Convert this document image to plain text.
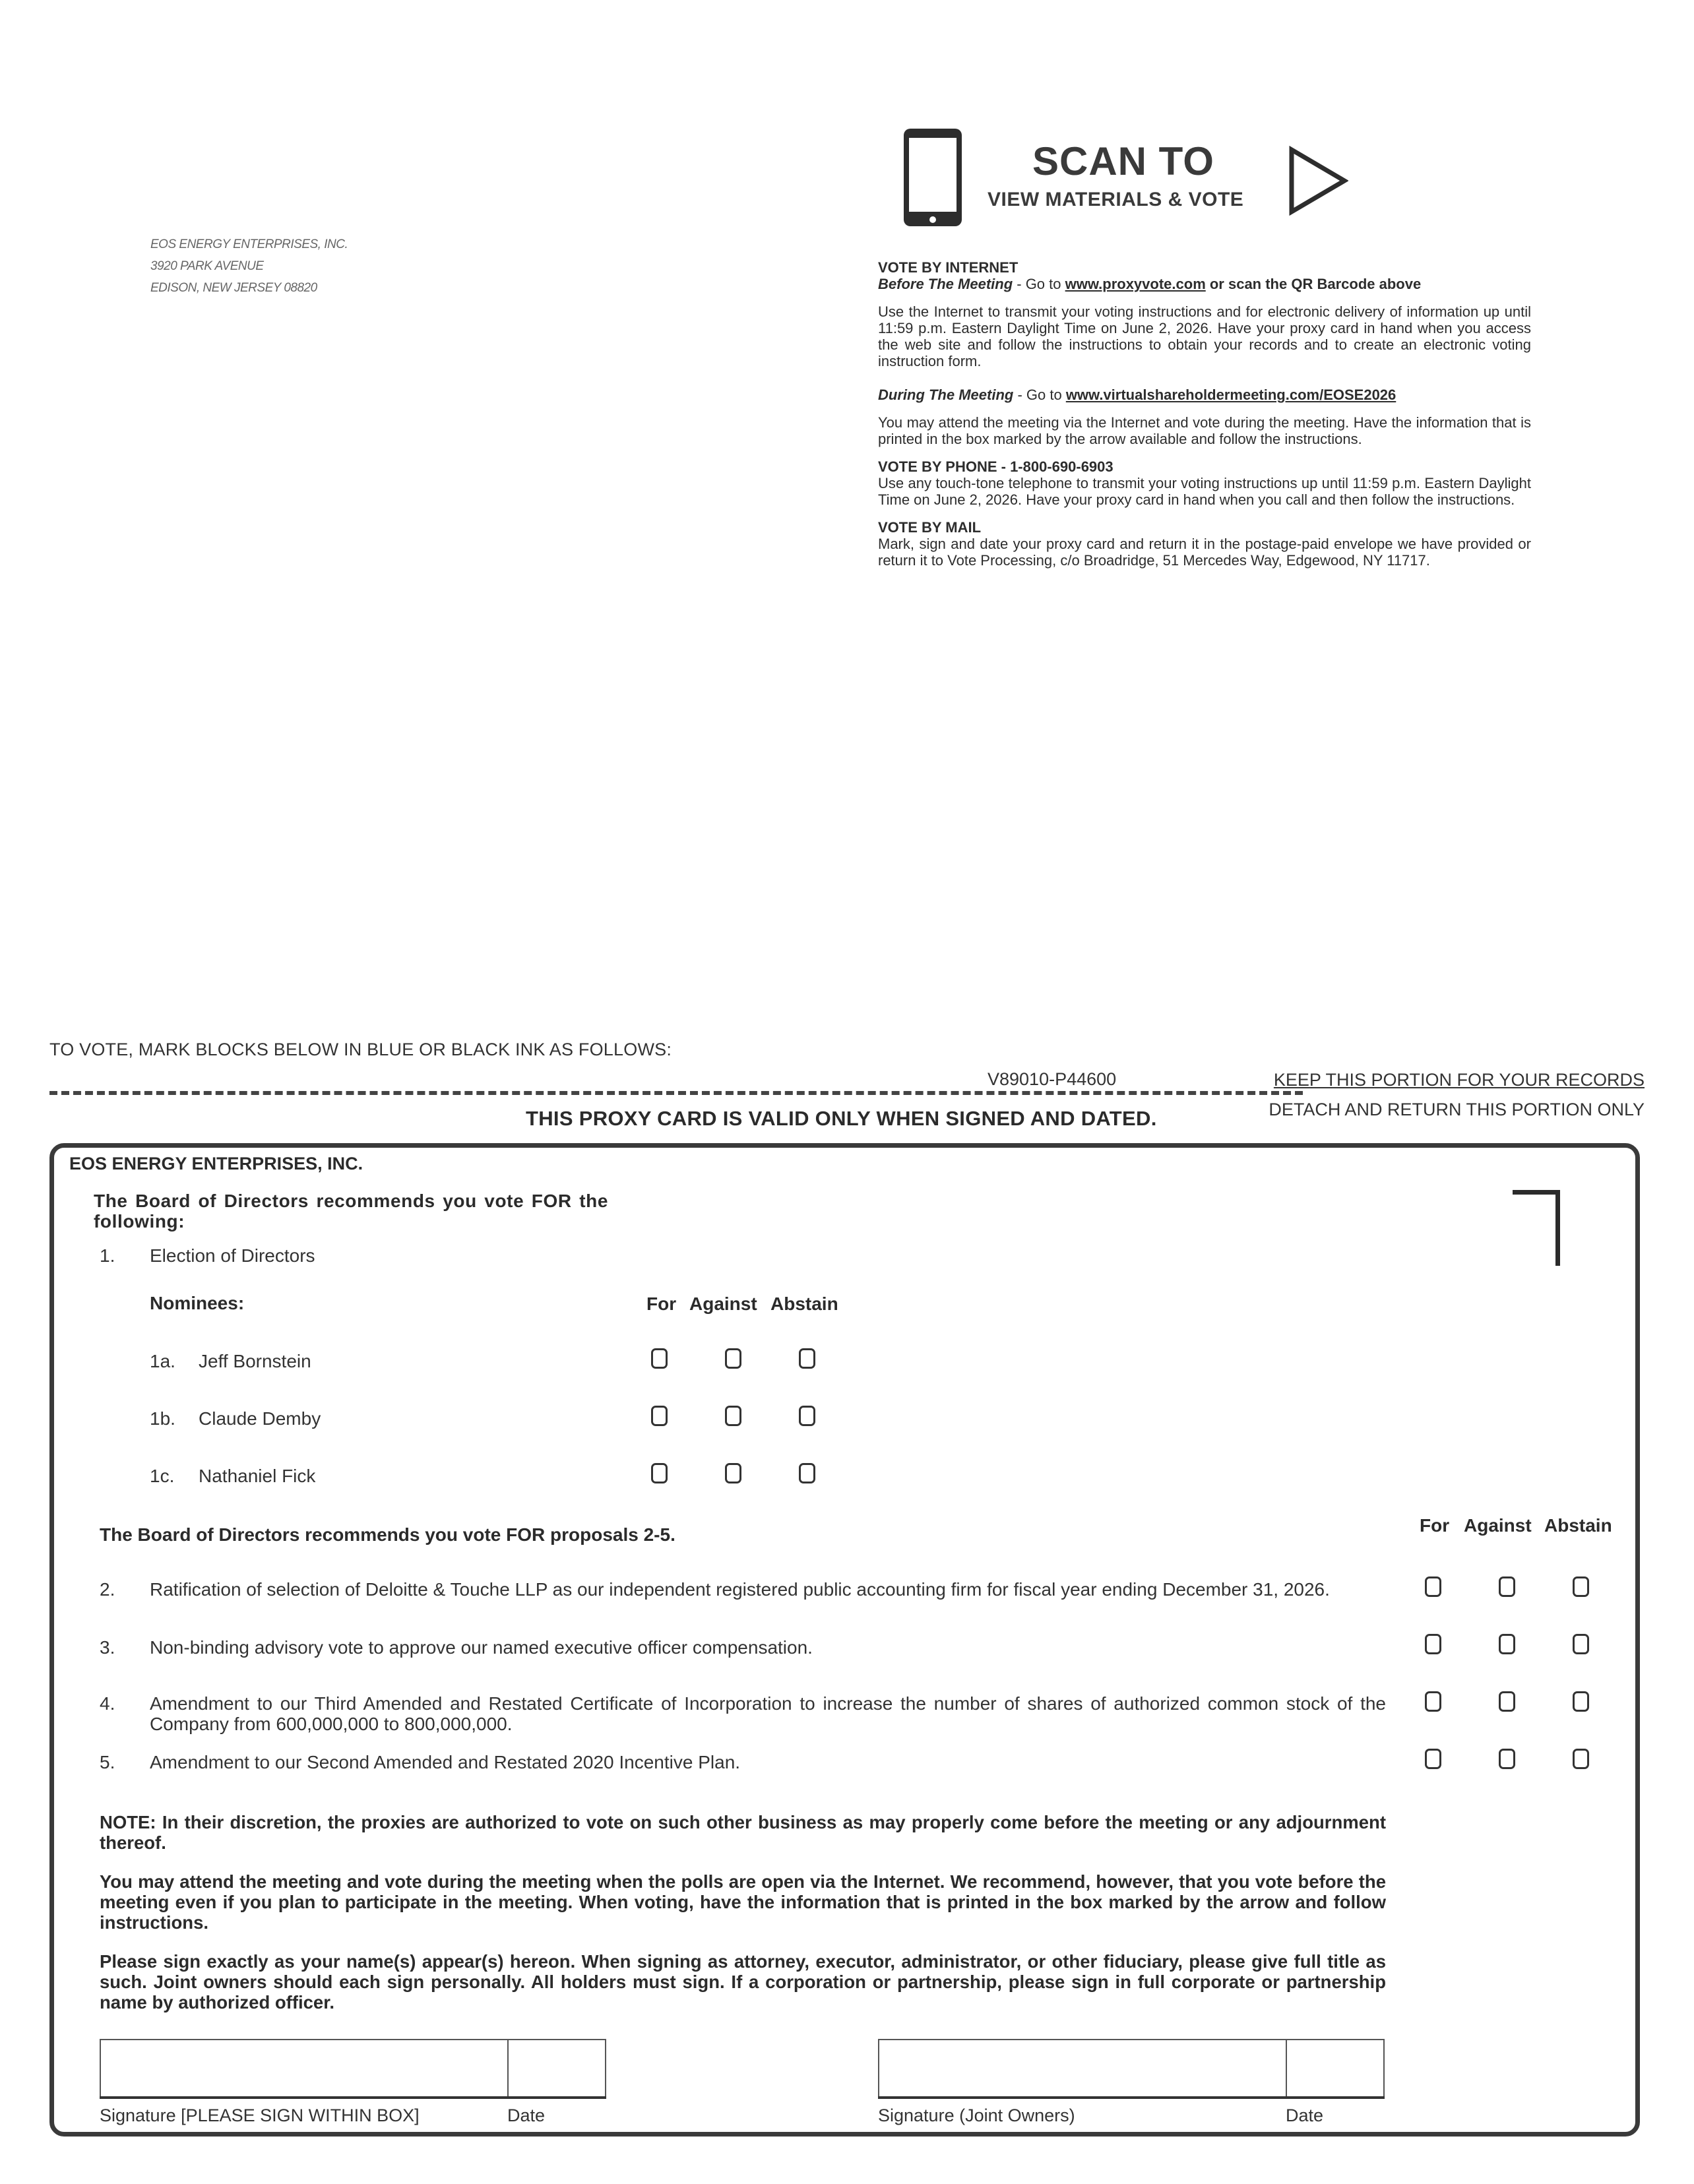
EOS ENERGY ENTERPRISES, INC.
3920 PARK AVENUE
EDISON, NEW JERSEY 08820
SCAN TO
VIEW MATERIALS & VOTE
VOTE BY INTERNET
Before The Meeting - Go to www.proxyvote.com or scan the QR Barcode above

Use the Internet to transmit your voting instructions and for electronic delivery of information up until 11:59 p.m. Eastern Daylight Time on June 2, 2026. Have your proxy card in hand when you access the web site and follow the instructions to obtain your records and to create an electronic voting instruction form.

During The Meeting - Go to www.virtualshareholdermeeting.com/EOSE2026

You may attend the meeting via the Internet and vote during the meeting. Have the information that is printed in the box marked by the arrow available and follow the instructions.

VOTE BY PHONE - 1-800-690-6903

Use any touch-tone telephone to transmit your voting instructions up until 11:59 p.m. Eastern Daylight Time on June 2, 2026. Have your proxy card in hand when you call and then follow the instructions.

VOTE BY MAIL

Mark, sign and date your proxy card and return it in the postage-paid envelope we have provided or return it to Vote Processing, c/o Broadridge, 51 Mercedes Way, Edgewood, NY 11717.

TO VOTE, MARK BLOCKS BELOW IN BLUE OR BLACK INK AS FOLLOWS:
V89010-P44600	KEEP THIS PORTION FOR YOUR RECORDS
THIS PROXY CARD IS VALID ONLY WHEN SIGNED AND DATED.	DETACH AND RETURN THIS PORTION ONLY
EOS ENERGY ENTERPRISES, INC.
The Board of Directors recommends you vote FOR the following:
1. Election of Directors
Nominees:	For Against Abstain
1a. Jeff Bornstein
1b. Claude Demby
1c. Nathaniel Fick
The Board of Directors recommends you vote FOR proposals 2-5.	For Against Abstain
2. Ratification of selection of Deloitte & Touche LLP as our independent registered public accounting firm for fiscal year ending December 31, 2026.
3. Non-binding advisory vote to approve our named executive officer compensation.
4. Amendment to our Third Amended and Restated Certificate of Incorporation to increase the number of shares of authorized common stock of the Company from 600,000,000 to 800,000,000.
5. Amendment to our Second Amended and Restated 2020 Incentive Plan.

NOTE: In their discretion, the proxies are authorized to vote on such other business as may properly come before the meeting or any adjournment thereof.

You may attend the meeting and vote during the meeting when the polls are open via the Internet. We recommend, however, that you vote before the meeting even if you plan to participate in the meeting. When voting, have the information that is printed in the box marked by the arrow and follow instructions.

Please sign exactly as your name(s) appear(s) hereon. When signing as attorney, executor, administrator, or other fiduciary, please give full title as such. Joint owners should each sign personally. All holders must sign. If a corporation or partnership, please sign in full corporate or partnership name by authorized officer.

Signature [PLEASE SIGN WITHIN BOX]	Date	Signature (Joint Owners)	Date
